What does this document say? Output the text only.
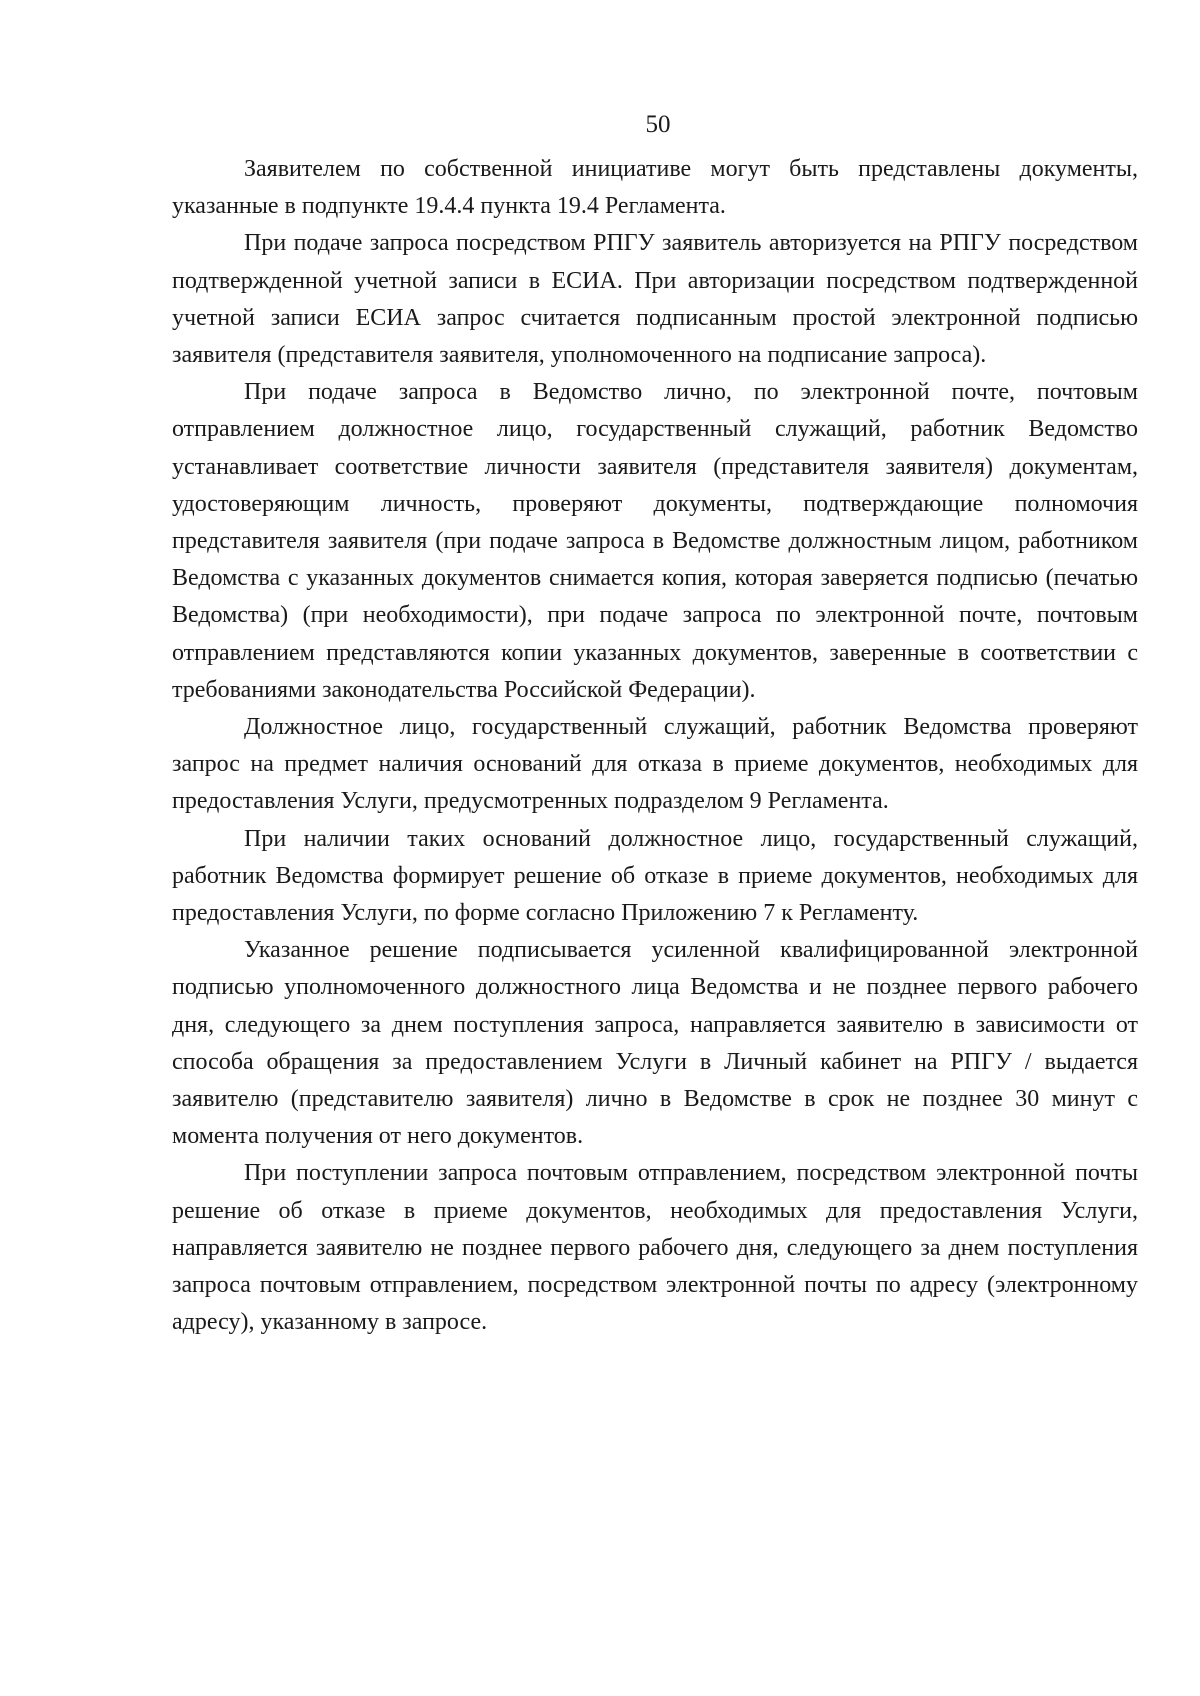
50

Заявителем по собственной инициативе могут быть представлены документы, указанные в подпункте 19.4.4 пункта 19.4 Регламента.

При подаче запроса посредством РПГУ заявитель авторизуется на РПГУ посредством подтвержденной учетной записи в ЕСИА. При авторизации посредством подтвержденной учетной записи ЕСИА запрос считается подписанным простой электронной подписью заявителя (представителя заявителя, уполномоченного на подписание запроса).

При подаче запроса в Ведомство лично, по электронной почте, почтовым отправлением должностное лицо, государственный служащий, работник Ведомство устанавливает соответствие личности заявителя (представителя заявителя) документам, удостоверяющим личность, проверяют документы, подтверждающие полномочия представителя заявителя (при подаче запроса в Ведомстве должностным лицом, работником Ведомства с указанных документов снимается копия, которая заверяется подписью (печатью Ведомства) (при необходимости), при подаче запроса по электронной почте, почтовым отправлением представляются копии указанных документов, заверенные в соответствии с требованиями законодательства Российской Федерации).

Должностное лицо, государственный служащий, работник Ведомства проверяют запрос на предмет наличия оснований для отказа в приеме документов, необходимых для предоставления Услуги, предусмотренных подразделом 9 Регламента.

При наличии таких оснований должностное лицо, государственный служащий, работник Ведомства формирует решение об отказе в приеме документов, необходимых для предоставления Услуги, по форме согласно Приложению 7 к Регламенту.

Указанное решение подписывается усиленной квалифицированной электронной подписью уполномоченного должностного лица Ведомства и не позднее первого рабочего дня, следующего за днем поступления запроса, направляется заявителю в зависимости от способа обращения за предоставлением Услуги в Личный кабинет на РПГУ / выдается заявителю (представителю заявителя) лично в Ведомстве в срок не позднее 30 минут с момента получения от него документов.

При поступлении запроса почтовым отправлением, посредством электронной почты решение об отказе в приеме документов, необходимых для предоставления Услуги, направляется заявителю не позднее первого рабочего дня, следующего за днем поступления запроса почтовым отправлением, посредством электронной почты по адресу (электронному адресу), указанному в запросе.
